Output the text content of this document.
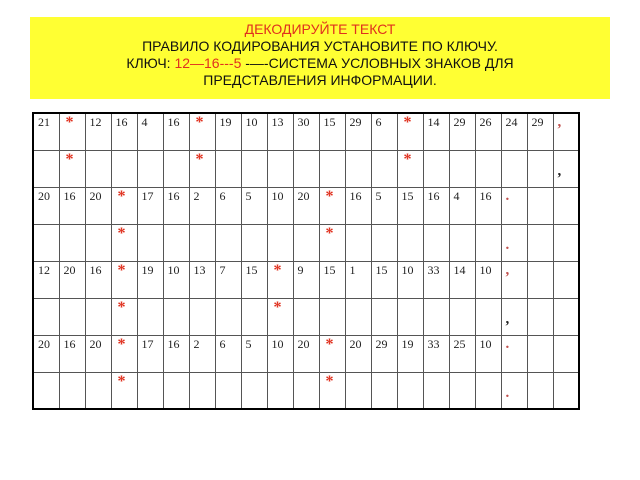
ДЕКОДИРУЙТЕ ТЕКСТ
ПРАВИЛО КОДИРОВАНИЯ УСТАНОВИТЕ ПО КЛЮЧУ.
КЛЮЧ: 12—16---5 -—-СИСТЕМА УСЛОВНЫХ ЗНАКОВ ДЛЯ
ПРЕДСТАВЛЕНИЯ ИНФОРМАЦИИ.
21	*	12	16	4	16	*	19	10	13	30	15	29	6	*	14	29	26	24	29	,

	*					*								*						,

20	16	20	*	17	16	2	6	5	10	20	*	16	5	15	16	4	16	.		

			*								*							.		

12	20	16	*	19	10	13	7	15	*	9	15	1	15	10	33	14	10	,		

			*						*									,		

20	16	20	*	17	16	2	6	5	10	20	*	20	29	19	33	25	10	.		

			*								*							.		
